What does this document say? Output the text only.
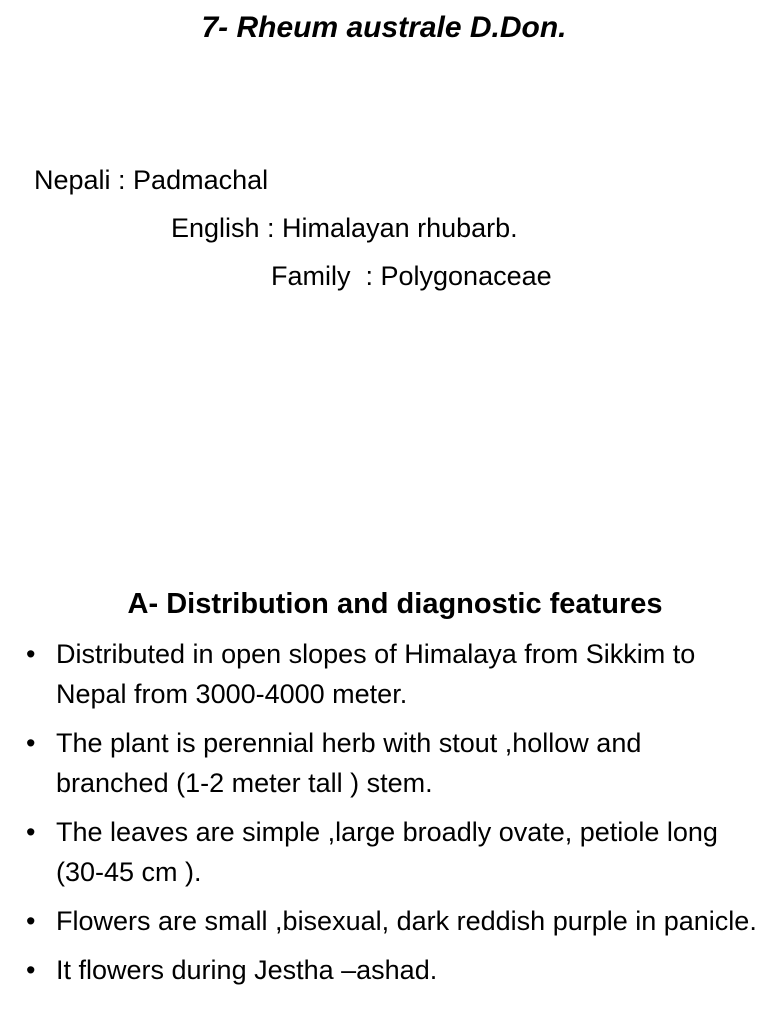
7- Rheum australe D.Don.
Nepali : Padmachal
English : Himalayan rhubarb.
Family  : Polygonaceae
A- Distribution and diagnostic features
• Distributed in open slopes of Himalaya from Sikkim to Nepal from 3000-4000 meter.
• The plant is perennial herb with stout ,hollow and branched (1-2 meter tall ) stem.
• The leaves are simple ,large broadly ovate, petiole long (30-45 cm ).
• Flowers are small ,bisexual, dark reddish purple in panicle.
• It flowers during Jestha –ashad.
